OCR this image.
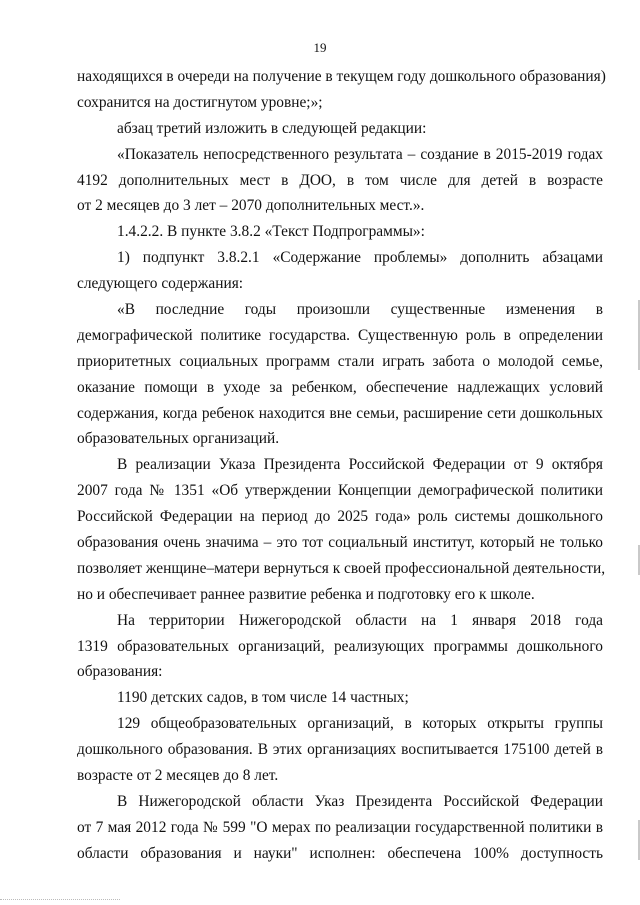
19
находящихся в очереди на получение в текущем году дошкольного образования)
сохранится на достигнутом уровне;»;
абзац третий изложить в следующей редакции:
«Показатель непосредственного результата – создание в 2015-2019 годах
4192 дополнительных мест в ДОО, в том числе для детей в возрасте
от 2 месяцев до 3 лет – 2070 дополнительных мест.».
1.4.2.2. В пункте 3.8.2 «Текст Подпрограммы»:
1) подпункт 3.8.2.1 «Содержание проблемы» дополнить абзацами
следующего содержания:
«В последние годы произошли существенные изменения в
демографической политике государства. Существенную роль в определении
приоритетных социальных программ стали играть забота о молодой семье,
оказание помощи в уходе за ребенком, обеспечение надлежащих условий
содержания, когда ребенок находится вне семьи, расширение сети дошкольных
образовательных организаций.
В реализации Указа Президента Российской Федерации от 9 октября
2007 года № 1351 «Об утверждении Концепции демографической политики
Российской Федерации на период до 2025 года» роль системы дошкольного
образования очень значима – это тот социальный институт, который не только
позволяет женщине–матери вернуться к своей профессиональной деятельности,
но и обеспечивает раннее развитие ребенка и подготовку его к школе.
На территории Нижегородской области на 1 января 2018 года
1319 образовательных организаций, реализующих программы дошкольного
образования:
1190 детских садов, в том числе 14 частных;
129 общеобразовательных организаций, в которых открыты группы
дошкольного образования. В этих организациях воспитывается 175100 детей в
возрасте от 2 месяцев до 8 лет.
В Нижегородской области Указ Президента Российской Федерации
от 7 мая 2012 года № 599 "О мерах по реализации государственной политики в
области образования и науки" исполнен: обеспечена 100% доступность
